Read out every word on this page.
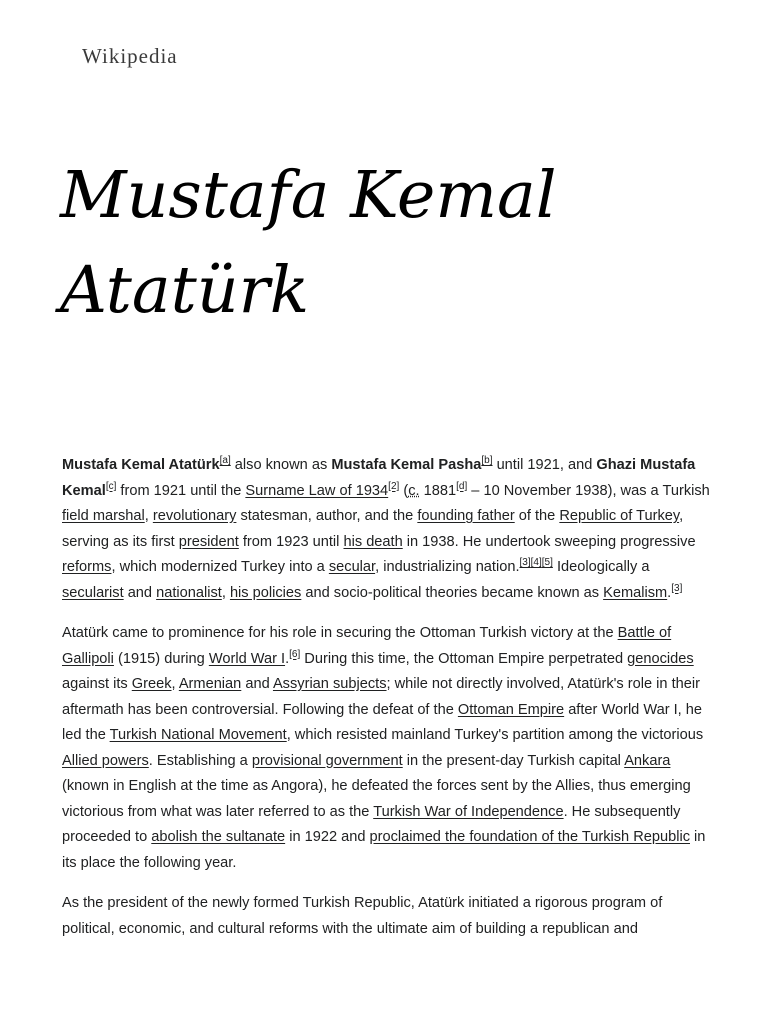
Wikipedia
Mustafa Kemal Atatürk

Mustafa Kemal Atatürk[a] also known as Mustafa Kemal Pasha[b] until 1921, and Ghazi Mustafa Kemal[c] from 1921 until the Surname Law of 1934[2] (c. 1881[d] – 10 November 1938), was a Turkish field marshal, revolutionary statesman, author, and the founding father of the Republic of Turkey, serving as its first president from 1923 until his death in 1938. He undertook sweeping progressive reforms, which modernized Turkey into a secular, industrializing nation.[3][4][5] Ideologically a secularist and nationalist, his policies and socio-political theories became known as Kemalism.[3]

Atatürk came to prominence for his role in securing the Ottoman Turkish victory at the Battle of Gallipoli (1915) during World War I.[6] During this time, the Ottoman Empire perpetrated genocides against its Greek, Armenian and Assyrian subjects; while not directly involved, Atatürk's role in their aftermath has been controversial. Following the defeat of the Ottoman Empire after World War I, he led the Turkish National Movement, which resisted mainland Turkey's partition among the victorious Allied powers. Establishing a provisional government in the present-day Turkish capital Ankara (known in English at the time as Angora), he defeated the forces sent by the Allies, thus emerging victorious from what was later referred to as the Turkish War of Independence. He subsequently proceeded to abolish the sultanate in 1922 and proclaimed the foundation of the Turkish Republic in its place the following year.

As the president of the newly formed Turkish Republic, Atatürk initiated a rigorous program of political, economic, and cultural reforms with the ultimate aim of building a republican and
